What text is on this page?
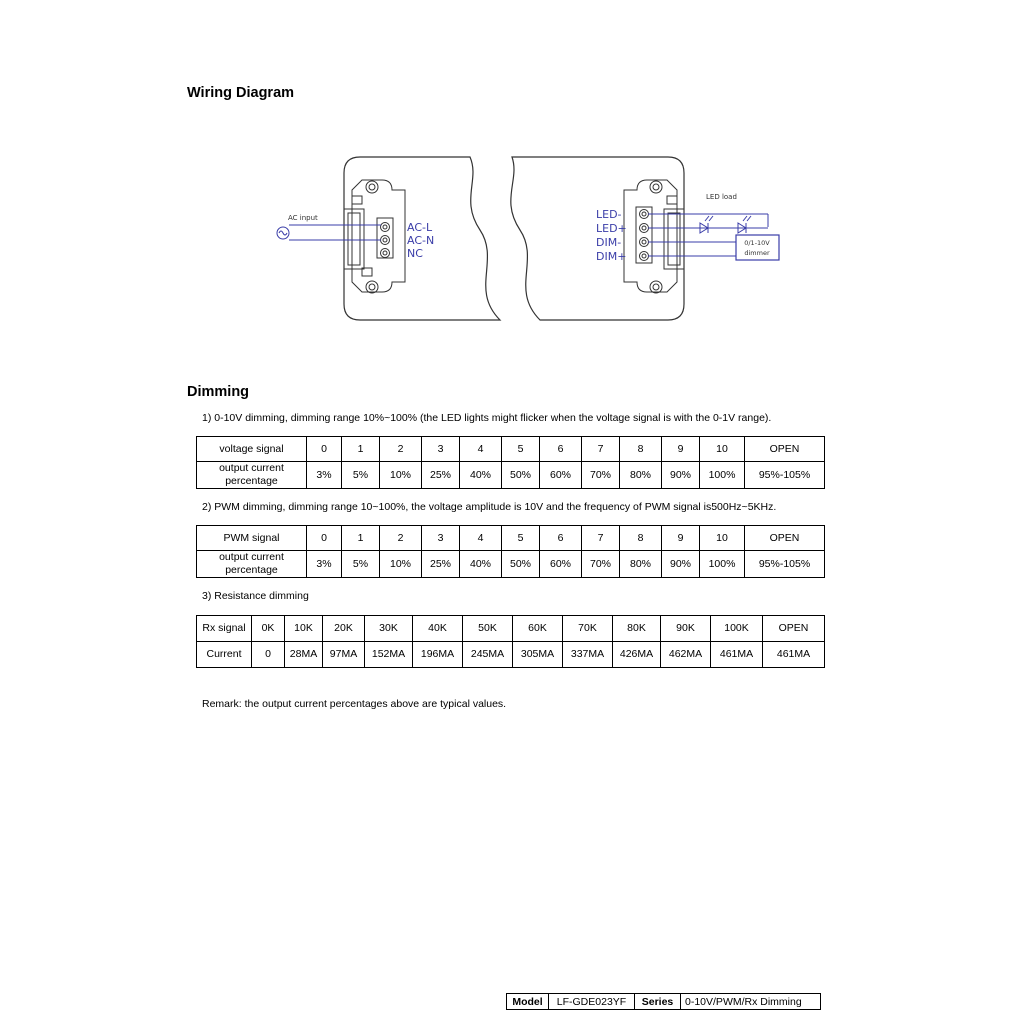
Wiring Diagram
AC input
AC-L
AC-N
NC
LED-
LED+
DIM-
DIM+
LED load
0/1-10V
dimmer
Dimming
1) 0-10V dimming, dimming range 10%~100% (the LED lights might flicker when the voltage signal is with the 0-1V range).
voltage signal	0	1	2	3	4	5	6	7	8	9	10	OPEN
output current percentage	3%	5%	10%	25%	40%	50%	60%	70%	80%	90%	100%	95%-105%
2) PWM dimming, dimming range 10~100%, the voltage amplitude is 10V and the frequency of PWM signal is500Hz~5KHz.
PWM signal	0	1	2	3	4	5	6	7	8	9	10	OPEN
output current percentage	3%	5%	10%	25%	40%	50%	60%	70%	80%	90%	100%	95%-105%
3) Resistance dimming
Rx signal	0K	10K	20K	30K	40K	50K	60K	70K	80K	90K	100K	OPEN
Current	0	28MA	97MA	152MA	196MA	245MA	305MA	337MA	426MA	462MA	461MA	461MA
Remark: the output current percentages above are typical values.
Model	LF-GDE023YF	Series	0-10V/PWM/Rx Dimming
